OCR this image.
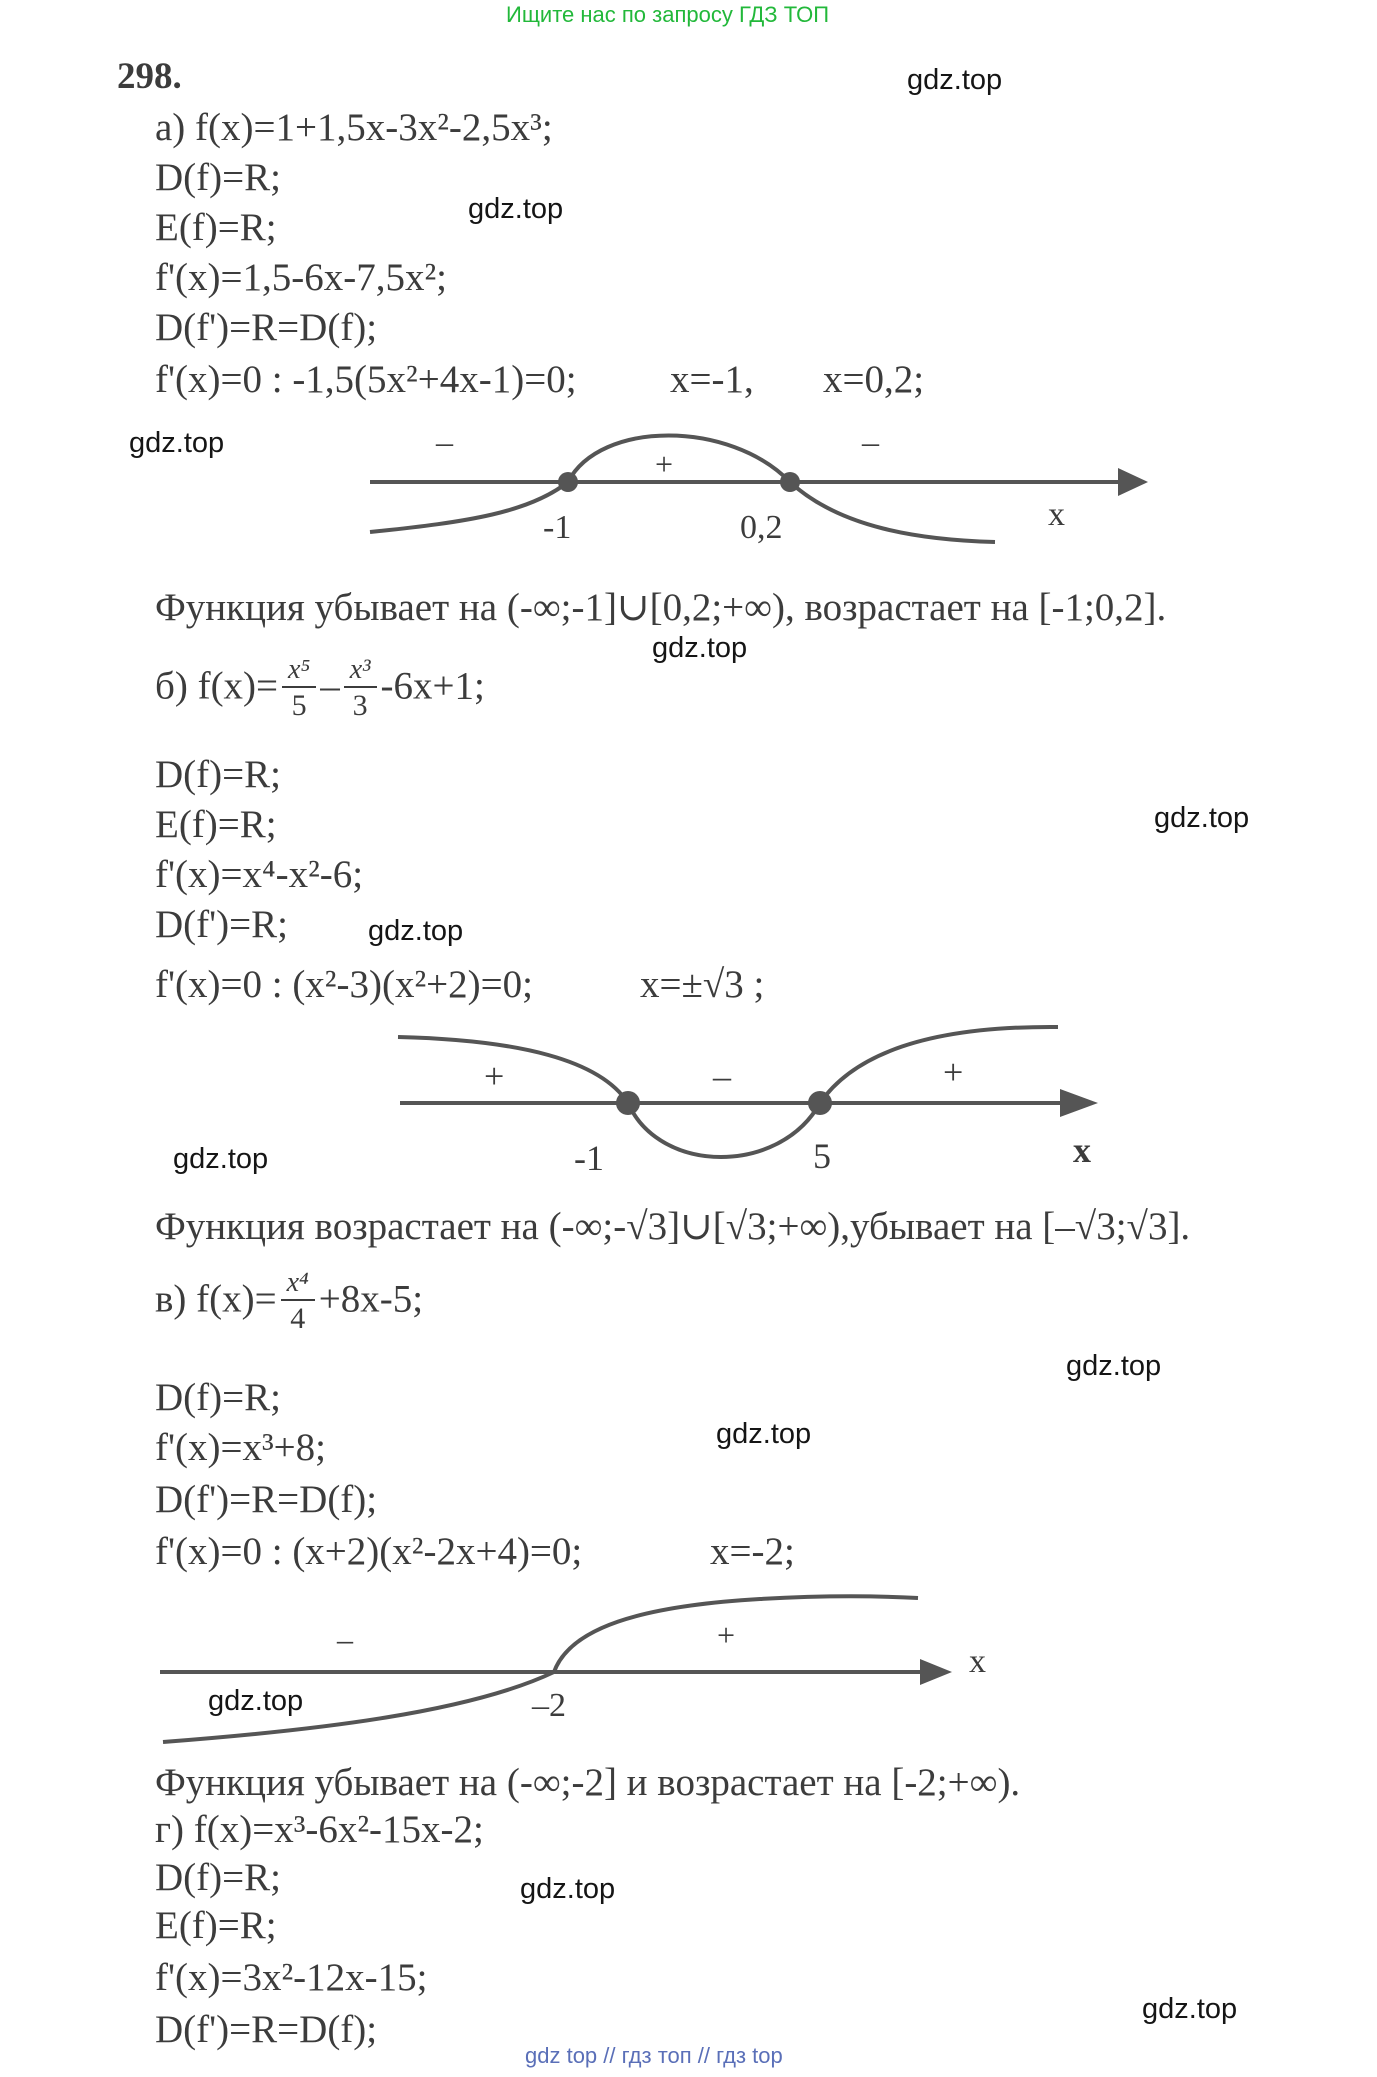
Ищите нас по запросу ГДЗ ТОП
gdz top // гдз топ // гдз top
gdz.top
gdz.top
gdz.top
gdz.top
gdz.top
gdz.top
gdz.top
gdz.top
gdz.top
gdz.top
gdz.top
gdz.top
298.
а) f(x)=1+1,5x-3x²-2,5x³;
D(f)=R;
E(f)=R;
f'(x)=1,5-6x-7,5x²;
D(f')=R=D(f);
f'(x)=0 : -1,5(5x²+4x-1)=0; x=-1, x=0,2;
–
+
–
-1	0,2	x
Функция убывает на (-∞;-1]∪[0,2;+∞), возрастает на [-1;0,2].
б) $f(x)= \frac{\text{x⁵}}{5} - \frac{\text{x³}}{3} -6x+1$;
D(f)=R;
E(f)=R;
f'(x)=x⁴-x²-6;
D(f')=R;
f'(x)=0 : (x²-3)(x²+2)=0;	x=±√3 ;
+	–	+
-1	5	x
Функция возрастает на (-∞;-√3]∪[√3;+∞),убывает на [–√3;√3].
в) $f(x)= \frac{\text{x⁴}}{4} +8x-5$;
D(f)=R;
f'(x)=x³+8;
D(f')=R=D(f);
f'(x)=0 : (x+2)(x²-2x+4)=0;	x=-2;
–	+
–2
x
Функция убывает на (-∞;-2] и возрастает на [-2;+∞).
г) f(x)=x³-6x²-15x-2;
D(f)=R;
E(f)=R;
f'(x)=3x²-12x-15;
D(f')=R=D(f);
